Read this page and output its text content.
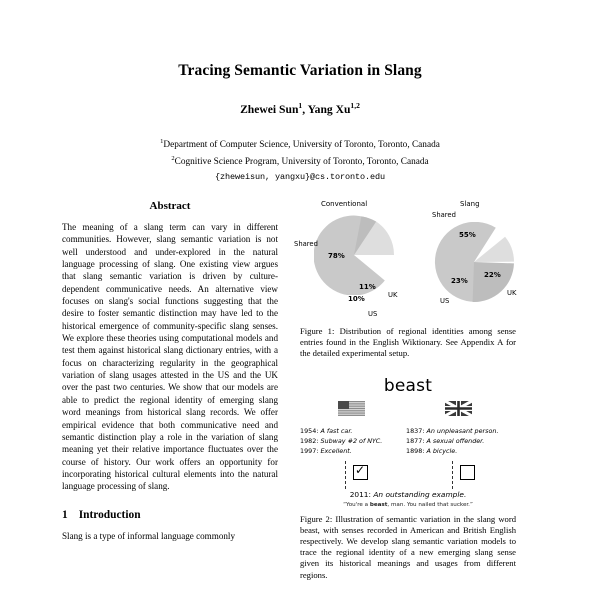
Tracing Semantic Variation in Slang
Zhewei Sun$^1$, Yang Xu$^{1,2}$
$^1$Department of Computer Science, University of Toronto, Toronto, Canada
$^2$Cognitive Science Program, University of Toronto, Toronto, Canada
{zheweisun, yangxu}@cs.toronto.edu
Abstract

The meaning of a slang term can vary in different communities. However, slang semantic variation is not well understood and under-explored in the natural language processing of slang. One existing view argues that slang semantic variation is driven by culture-dependent communicative needs. An alternative view focuses on slang's social functions suggesting that the desire to foster semantic distinction may have led to the historical emergence of community-specific slang senses. We explore these theories using computational models and test them against historical slang dictionary entries, with a focus on characterizing regularity in the geographical variation of slang usages attested in the US and the UK over the past two centuries. We show that our models are able to predict the regional identity of emerging slang word meanings from historical slang records. We offer empirical evidence that both communicative need and semantic distinction play a role in the variation of slang meaning yet their relative importance fluctuates over the course of history. Our work offers an opportunity for incorporating historical cultural elements into the natural language processing of slang.

1 Introduction

Slang is a type of informal language commonly

Conventional
Shared
78%
11%
UK
10%
US
Slang
Shared
55%
22%
UK
23%
US
Figure 1: Distribution of regional identities among sense entries found in the English Wiktionary. See Appendix A for the detailed experimental setup.
beast
1954: A fast car.
1982: Subway #2 of NYC.
1997: Excellent.
1837: An unpleasant person.
1877: A sexual offender.
1898: A bicycle.
✓
2011: An outstanding example.
“You're a beast, man. You nailed that sucker.”
Figure 2: Illustration of semantic variation in the slang word beast, with senses recorded in American and British English respectively. We develop slang semantic variation models to trace the regional identity of a new emerging slang sense given its historical meanings and usages from different regions.
